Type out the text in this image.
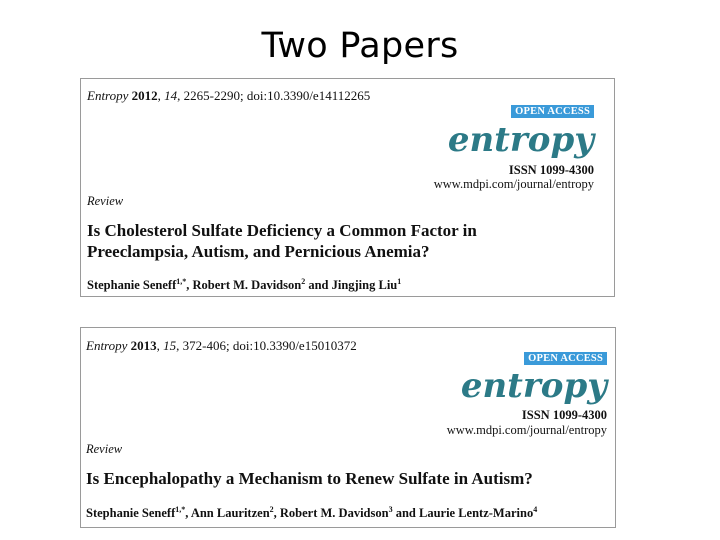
Two Papers
Entropy 2012, 14, 2265-2290; doi:10.3390/e14112265
OPEN ACCESS
entropy
ISSN 1099-4300
www.mdpi.com/journal/entropy
Review
Is Cholesterol Sulfate Deficiency a Common Factor in
Preeclampsia, Autism, and Pernicious Anemia?
Stephanie Seneff$^{1,*}$, Robert M. Davidson$^2$ and Jingjing Liu$^1$
Entropy 2013, 15, 372-406; doi:10.3390/e15010372
OPEN ACCESS
entropy
ISSN 1099-4300
www.mdpi.com/journal/entropy
Review
Is Encephalopathy a Mechanism to Renew Sulfate in Autism?
Stephanie Seneff$^{1,*}$, Ann Lauritzen$^2$, Robert M. Davidson$^3$ and Laurie Lentz-Marino$^4$
